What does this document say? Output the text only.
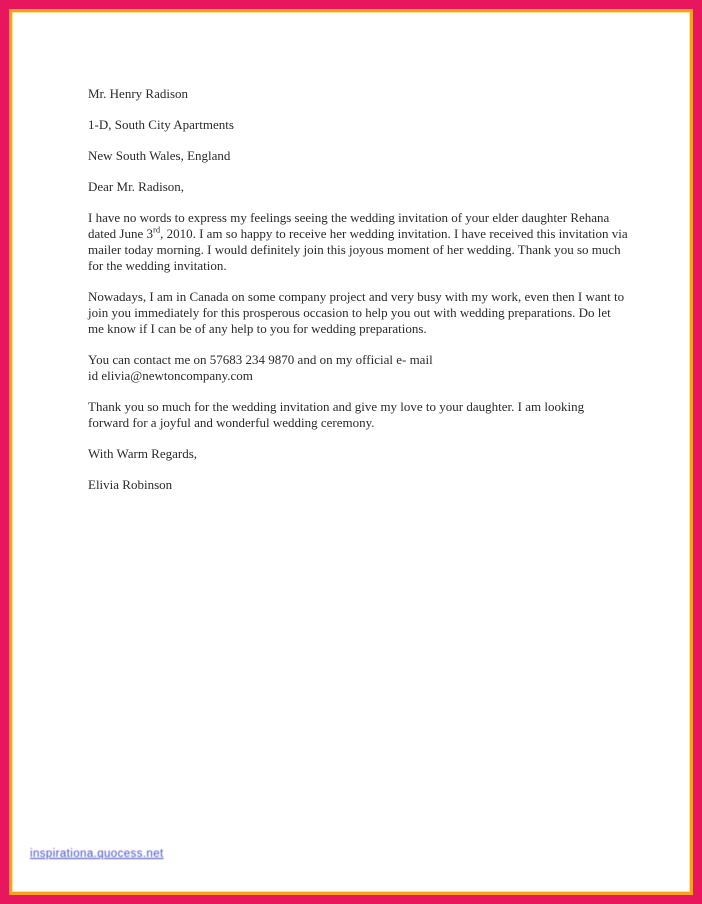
Mr. Henry Radison

1-D, South City Apartments

New South Wales, England

Dear Mr. Radison,

I have no words to express my feelings seeing the wedding invitation of your elder daughter Rehana dated June 3rd, 2010. I am so happy to receive her wedding invitation. I have received this invitation via mailer today morning. I would definitely join this joyous moment of her wedding. Thank you so much for the wedding invitation.

Nowadays, I am in Canada on some company project and very busy with my work, even then I want to join you immediately for this prosperous occasion to help you out with wedding preparations. Do let me know if I can be of any help to you for wedding preparations.

You can contact me on 57683 234 9870 and on my official e- mail
id elivia@newtoncompany.com

Thank you so much for the wedding invitation and give my love to your daughter. I am looking forward for a joyful and wonderful wedding ceremony.

With Warm Regards,

Elivia Robinson

inspirationa.quocess.net
